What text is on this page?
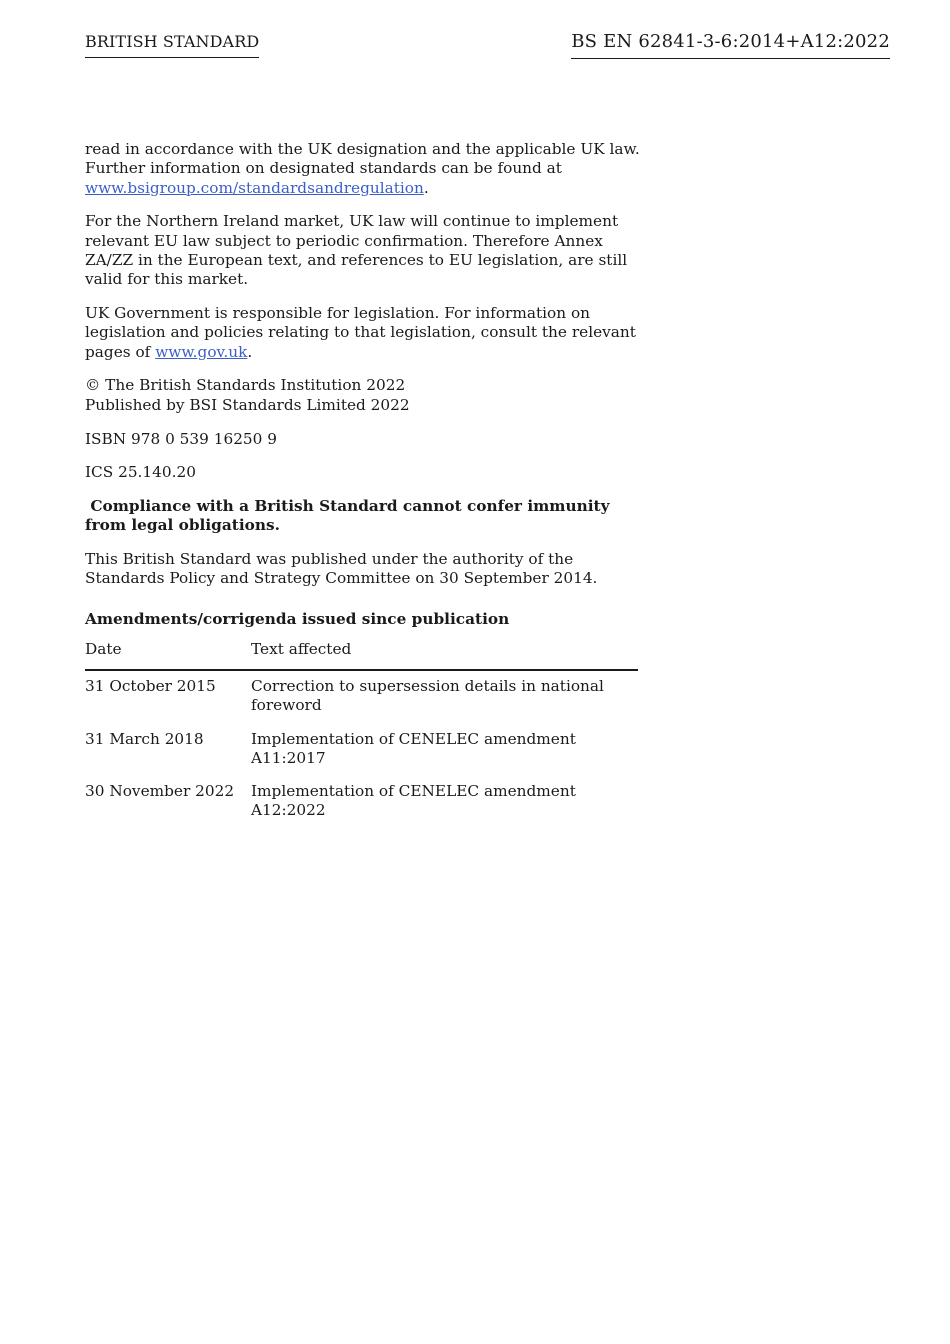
BRITISH STANDARD	BS EN 62841-3-6:2014+A12:2022

read in accordance with the UK designation and the applicable UK law. Further information on designated standards can be found at www.bsigroup.com/standardsandregulation.

For the Northern Ireland market, UK law will continue to implement relevant EU law subject to periodic confirmation. Therefore Annex ZA/ZZ in the European text, and references to EU legislation, are still valid for this market.

UK Government is responsible for legislation. For information on legislation and policies relating to that legislation, consult the relevant pages of www.gov.uk.

© The British Standards Institution 2022
Published by BSI Standards Limited 2022

ISBN 978 0 539 16250 9

ICS 25.140.20

Compliance with a British Standard cannot confer immunity from legal obligations.

This British Standard was published under the authority of the Standards Policy and Strategy Committee on 30 September 2014.

Amendments/corrigenda issued since publication

Date	Text affected
31 October 2015	Correction to supersession details in national foreword
31 March 2018	Implementation of CENELEC amendment A11:2017
30 November 2022	Implementation of CENELEC amendment A12:2022
